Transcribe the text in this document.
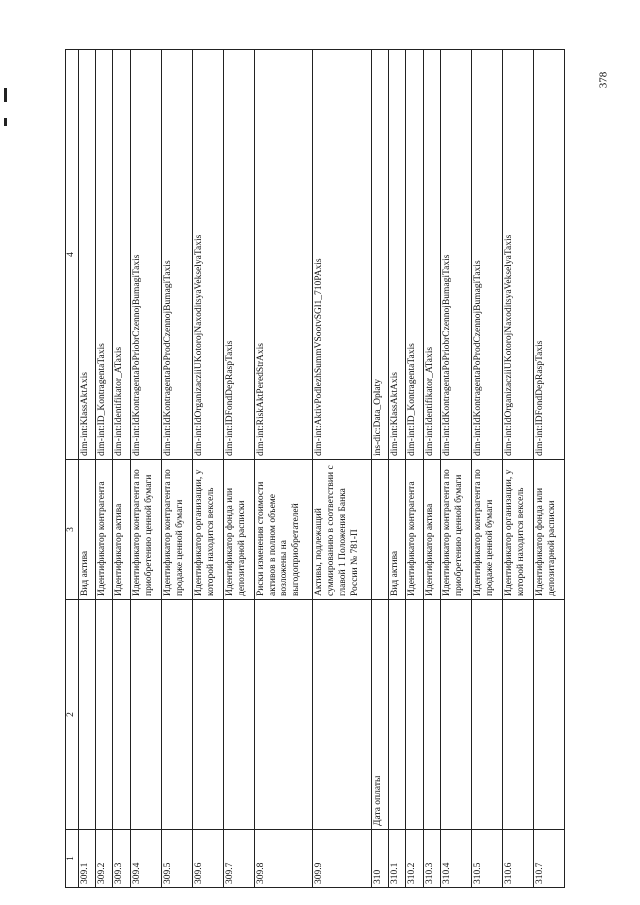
378
1	2	3	4
309.1		Вид актива	dim-int:KlassAktAxis
309.2		Идентификатор контрагента	dim-int:ID_KontragentaTaxis
309.3		Идентификатор актива	dim-int:Identifikator_ATaxis
309.4		Идентификатор контрагента по приобретению ценной бумаги	dim-int:IdKontragentaPoPriobrCzennojBumagiTaxis
309.5		Идентификатор контрагента по продаже ценной бумаги	dim-int:IdKontragentaPoProdCzennojBumagiTaxis
309.6		Идентификатор организации, у которой находится вексель	dim-int:IdOrganizacziiUKotorojNaxoditsyaVekselyaTaxis
309.7		Идентификатор фонда или депозитарной расписки	dim-int:IDFondDepRaspTaxis
309.8		Риски изменения стоимости активов в полном объеме возложены на выгодоприобретателей	dim-int:RiskAktPeredStrAxis
309.9		Активы, подлежащий суммированию в соответствии с главой 1 Положения Банка России № 781-П	dim-int:AktivPodlezhSummVSootvSGl1_710PAxis
310	Дата оплаты		ins-dic:Data_Oplaty
310.1		Вид актива	dim-int:KlassAktAxis
310.2		Идентификатор контрагента	dim-int:ID_KontragentaTaxis
310.3		Идентификатор актива	dim-int:Identifikator_ATaxis
310.4		Идентификатор контрагента по приобретению ценной бумаги	dim-int:IdKontragentaPoPriobrCzennojBumagiTaxis
310.5		Идентификатор контрагента по продаже ценной бумаги	dim-int:IdKontragentaPoProdCzennojBumagiTaxis
310.6		Идентификатор организации, у которой находится вексель	dim-int:IdOrganizacziiUKotorojNaxoditsyaVekselyaTaxis
310.7		Идентификатор фонда или депозитарной расписки	dim-int:IDFondDepRaspTaxis
